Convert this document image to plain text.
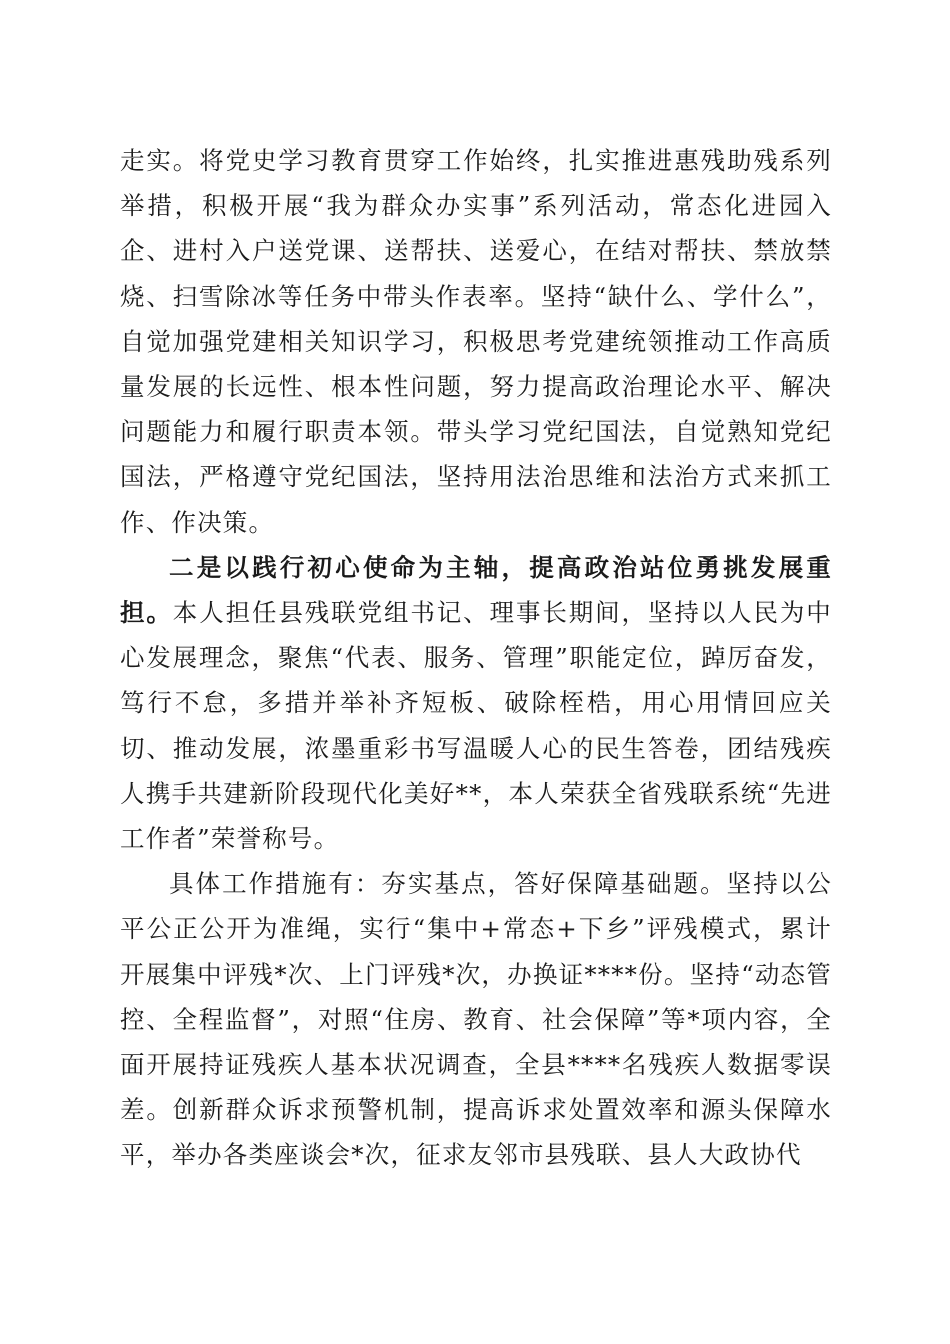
走实。将党史学习教育贯穿工作始终，扎实推进惠残助残系列举措，积极开展“我为群众办实事”系列活动，常态化进园入企、进村入户送党课、送帮扶、送爱心，在结对帮扶、禁放禁烧、扫雪除冰等任务中带头作表率。坚持“缺什么、学什么”，自觉加强党建相关知识学习，积极思考党建统领推动工作高质量发展的长远性、根本性问题，努力提高政治理论水平、解决问题能力和履行职责本领。带头学习党纪国法，自觉熟知党纪国法，严格遵守党纪国法，坚持用法治思维和法治方式来抓工作、作决策。

二是以践行初心使命为主轴，提高政治站位勇挑发展重担。本人担任县残联党组书记、理事长期间，坚持以人民为中心发展理念，聚焦“代表、服务、管理”职能定位，踔厉奋发，笃行不怠，多措并举补齐短板、破除桎梏，用心用情回应关切、推动发展，浓墨重彩书写温暖人心的民生答卷，团结残疾人携手共建新阶段现代化美好**，本人荣获全省残联系统“先进工作者”荣誉称号。

具体工作措施有：夯实基点，答好保障基础题。坚持以公平公正公开为准绳，实行“集中+常态+下乡”评残模式，累计开展集中评残*次、上门评残*次，办换证****份。坚持“动态管控、全程监督”，对照“住房、教育、社会保障”等*项内容，全面开展持证残疾人基本状况调查，全县****名残疾人数据零误差。创新群众诉求预警机制，提高诉求处置效率和源头保障水平，举办各类座谈会*次，征求友邻市县残联、县人大政协代
